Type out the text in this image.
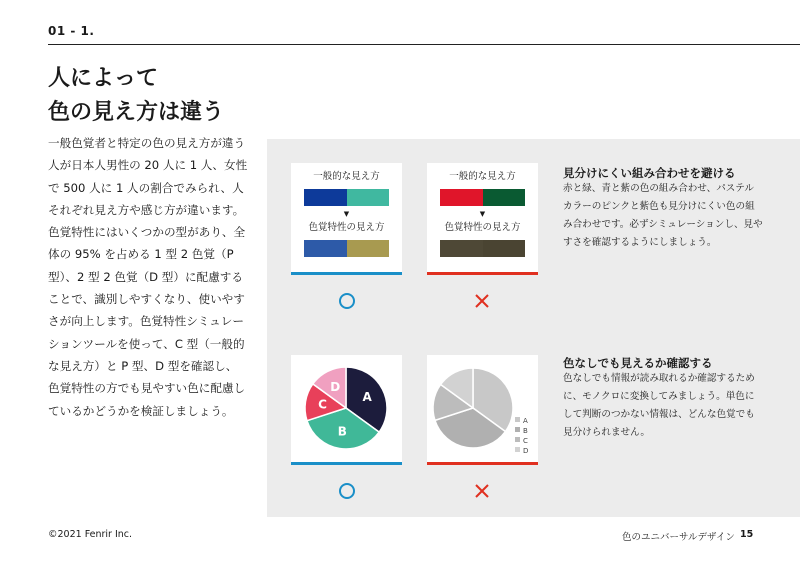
01 - 1.
人によって
色の見え方は違う
一般色覚者と特定の色の見え方が違う人が日本人男性の 20 人に 1 人、女性で 500 人に 1 人の割合でみられ、人それぞれ見え方や感じ方が違います。色覚特性にはいくつかの型があり、全体の 95% を占める 1 型 2 色覚（P 型）、2 型 2 色覚（D 型）に配慮することで、識別しやすくなり、使いやすさが向上します。色覚特性シミュレーションツールを使って、C 型（一般的な見え方）と P 型、D 型を確認し、色覚特性の方でも見やすい色に配慮しているかどうかを検証しましょう。
一般的な見え方
▼
色覚特性の見え方
一般的な見え方
▼
色覚特性の見え方
見分けにくい組み合わせを避ける
赤と緑、青と紫の色の組み合わせ、パステルカラーのピンクと紫色も見分けにくい色の組み合わせです。必ずシミュレーションし、見やすさを確認するようにしましょう。
A
B
C
D
A
B
C
D
色なしでも見えるか確認する
色なしでも情報が読み取れるか確認するために、モノクロに変換してみましょう。単色にして判断のつかない情報は、どんな色覚でも見分けられません。
©2021 Fenrir Inc.	色のユニバーサルデザイン 15
